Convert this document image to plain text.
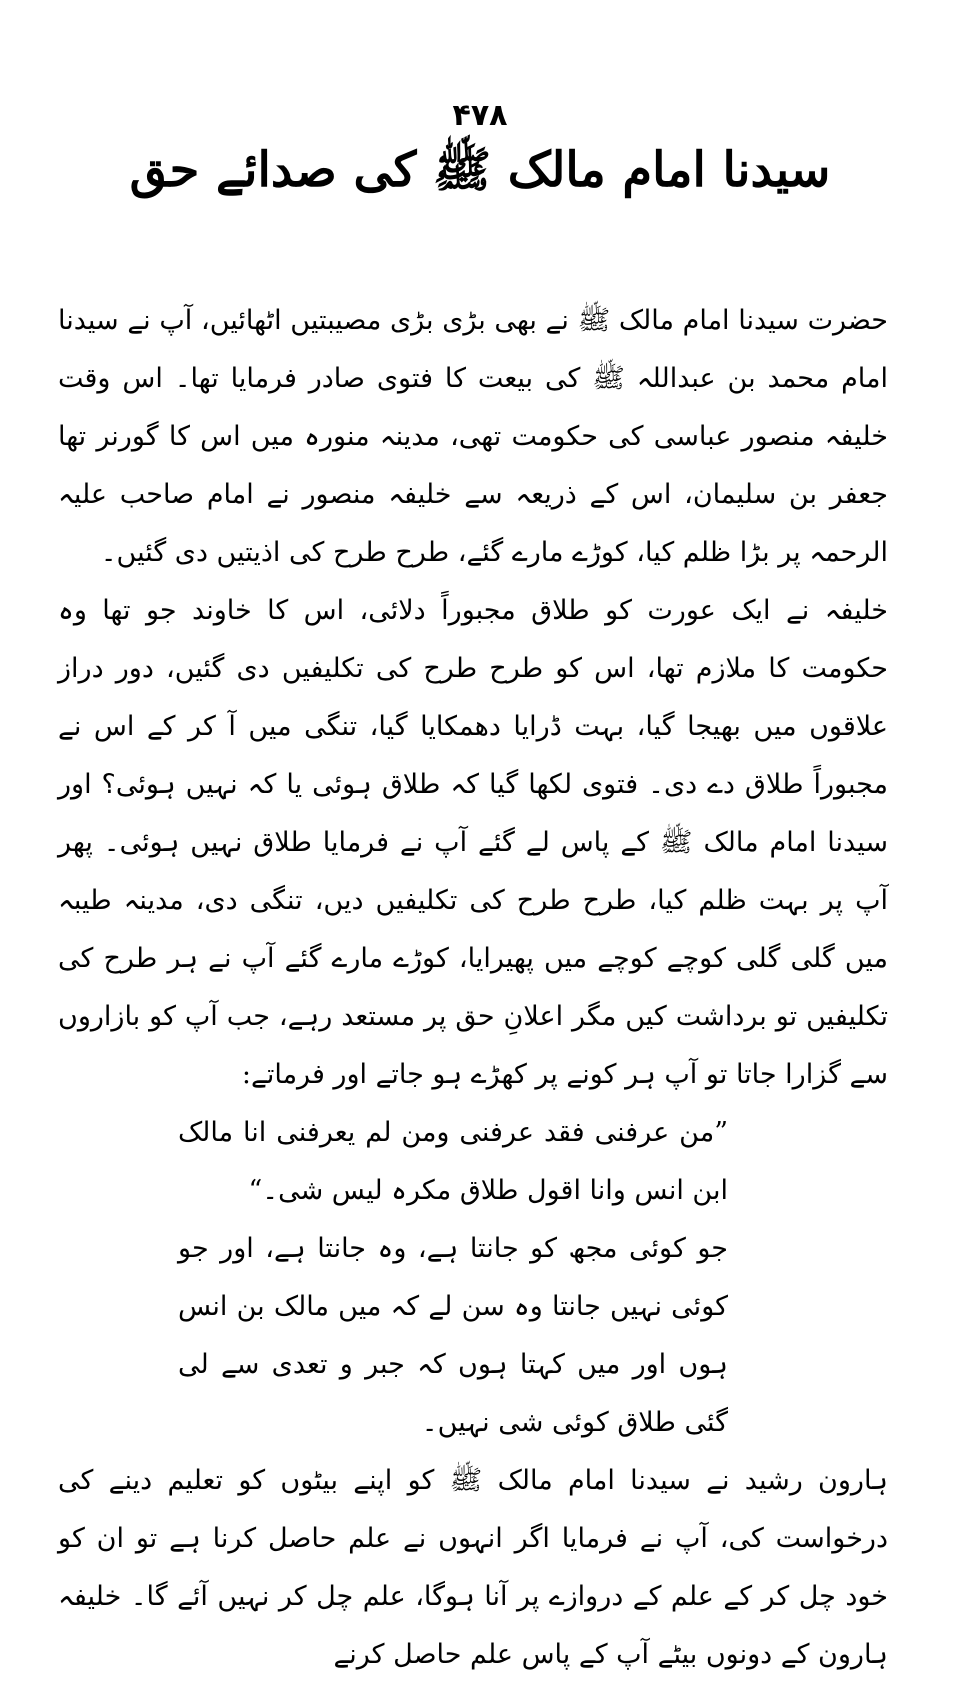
۴۷۸
سیدنا امام مالک ﷺ کی صدائے حق

حضرت سیدنا امام مالک ﷺ نے بھی بڑی بڑی مصیبتیں اٹھائیں، آپ نے سیدنا امام محمد بن عبداللہ ﷺ کی بیعت کا فتوی صادر فرمایا تھا۔ اس وقت خلیفہ منصور عباسی کی حکومت تھی، مدینہ منورہ میں اس کا گورنر تھا جعفر بن سلیمان، اس کے ذریعہ سے خلیفہ منصور نے امام صاحب علیہ الرحمہ پر بڑا ظلم کیا، کوڑے مارے گئے، طرح طرح کی اذیتیں دی گئیں۔

خلیفہ نے ایک عورت کو طلاق مجبوراً دلائی، اس کا خاوند جو تھا وہ حکومت کا ملازم تھا، اس کو طرح طرح کی تکلیفیں دی گئیں، دور دراز علاقوں میں بھیجا گیا، بہت ڈرایا دھمکایا گیا، تنگی میں آ کر کے اس نے مجبوراً طلاق دے دی۔ فتوی لکھا گیا کہ طلاق ہوئی یا کہ نہیں ہوئی؟ اور سیدنا امام مالک ﷺ کے پاس لے گئے آپ نے فرمایا طلاق نہیں ہوئی۔ پھر آپ پر بہت ظلم کیا، طرح طرح کی تکلیفیں دیں، تنگی دی، مدینہ طیبہ میں گلی گلی کوچے کوچے میں پھیرایا، کوڑے مارے گئے آپ نے ہر طرح کی تکلیفیں تو برداشت کیں مگر اعلانِ حق پر مستعد رہے، جب آپ کو بازاروں سے گزارا جاتا تو آپ ہر کونے پر کھڑے ہو جاتے اور فرماتے:

”من عرفنی فقد عرفنی ومن لم یعرفنی انا مالک ابن انس وانا اقول طلاق مکرہ لیس شی۔“

جو کوئی مجھ کو جانتا ہے، وہ جانتا ہے، اور جو کوئی نہیں جانتا وہ سن لے کہ میں مالک بن انس ہوں اور میں کہتا ہوں کہ جبر و تعدی سے لی گئی طلاق کوئی شی نہیں۔

ہارون رشید نے سیدنا امام مالک ﷺ کو اپنے بیٹوں کو تعلیم دینے کی درخواست کی، آپ نے فرمایا اگر انہوں نے علم حاصل کرنا ہے تو ان کو خود چل کر کے علم کے دروازے پر آنا ہوگا، علم چل کر نہیں آئے گا۔ خلیفہ ہارون کے دونوں بیٹے آپ کے پاس علم حاصل کرنے
